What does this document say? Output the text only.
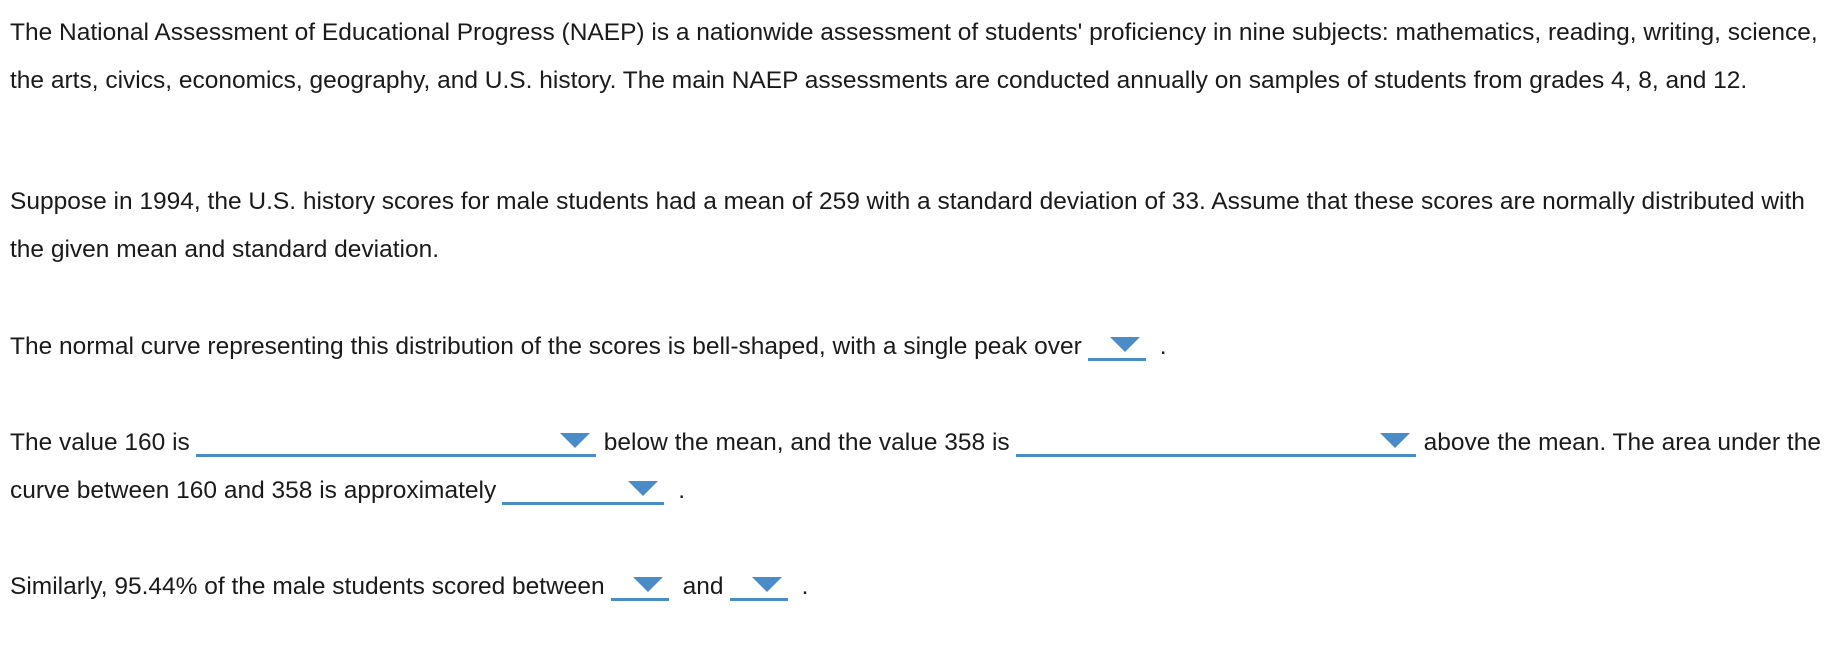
The National Assessment of Educational Progress (NAEP) is a nationwide assessment of students' proficiency in nine subjects: mathematics, reading, writing, science, the arts, civics, economics, geography, and U.S. history. The main NAEP assessments are conducted annually on samples of students from grades 4, 8, and 12.

Suppose in 1994, the U.S. history scores for male students had a mean of 259 with a standard deviation of 33. Assume that these scores are normally distributed with the given mean and standard deviation.

The normal curve representing this distribution of the scores is bell-shaped, with a single peak over	.

The value 160 is	below the mean, and the value 358 is	above the mean. The area under the curve between 160 and 358 is approximately	.

Similarly, 95.44% of the male students scored between	and	.
